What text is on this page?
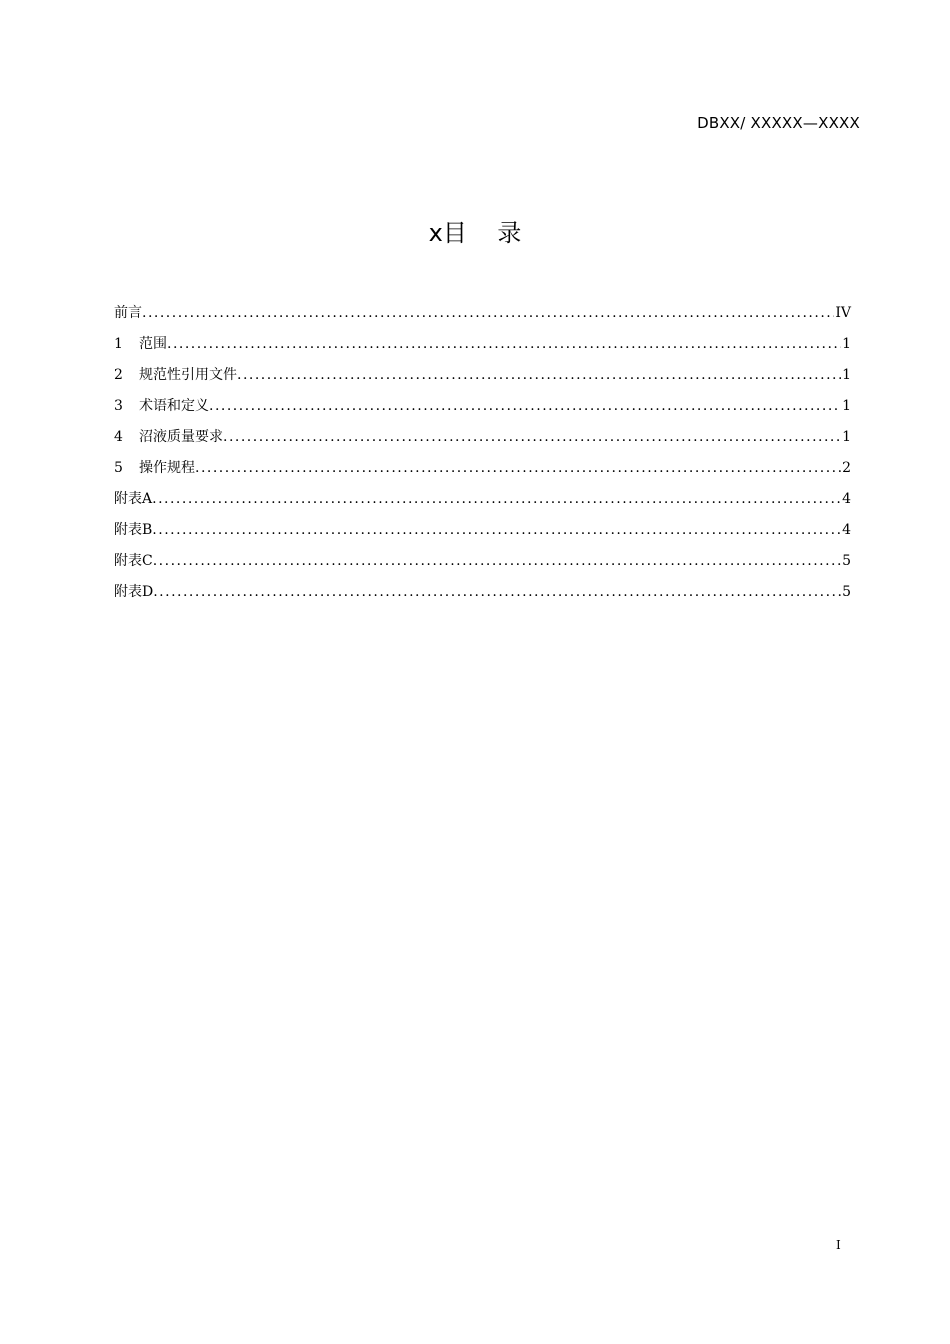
DBXX/ XXXXX—XXXX
x目    录
前言 .....	IV
1	范围 .....	1
2	规范性引用文件 .....	1
3	术语和定义 .....	1
4	沼液质量要求 .....	1
5	操作规程 .....	2
附表A .....	4
附表B .....	4
附表C .....	5
附表D .....	5
I
